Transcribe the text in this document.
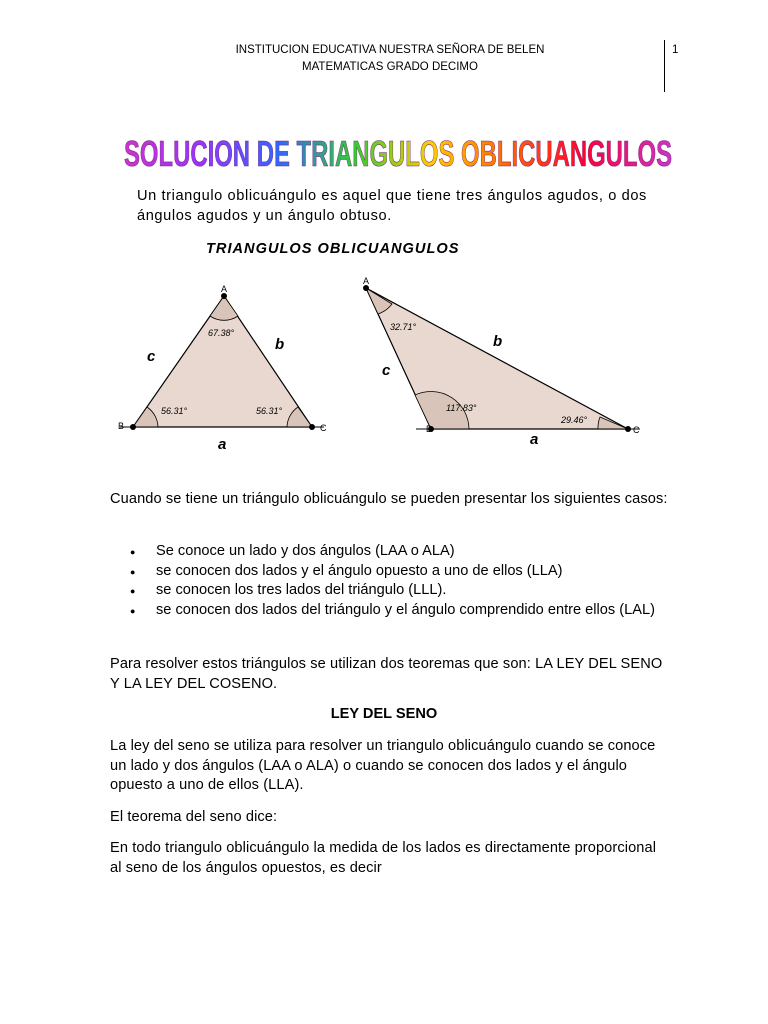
INSTITUCION EDUCATIVA NUESTRA SEÑORA DE BELEN
MATEMATICAS GRADO DECIMO
1
SOLUCION DE TRIANGULOS OBLICUANGULOS
Un triangulo oblicuángulo es aquel que tiene tres ángulos agudos, o dos ángulos agudos y un ángulo obtuso.
TRIANGULOS OBLICUANGULOS
A
B	C
67.38°
56.31°	56.31°
c
b
a
A
B	C
32.71°
117.83°
29.46°
c
b
a
Cuando se tiene un triángulo oblicuángulo se pueden presentar los siguientes casos:
● Se conoce un lado y dos ángulos (LAA o ALA)
● se conocen dos lados y el ángulo opuesto a uno de ellos (LLA)
● se conocen los tres lados del triángulo (LLL).
● se conocen dos lados del triángulo y el ángulo comprendido entre ellos (LAL)
Para resolver estos triángulos se utilizan dos teoremas que son: LA LEY DEL SENO Y LA LEY DEL COSENO.
LEY DEL SENO
La ley del seno se utiliza para resolver un triangulo oblicuángulo cuando se conoce un lado y dos ángulos (LAA o ALA) o cuando se conocen dos lados y el ángulo opuesto a uno de ellos (LLA).
El teorema del seno dice:
En todo triangulo oblicuángulo la medida de los lados es directamente proporcional al seno de los ángulos opuestos, es decir
